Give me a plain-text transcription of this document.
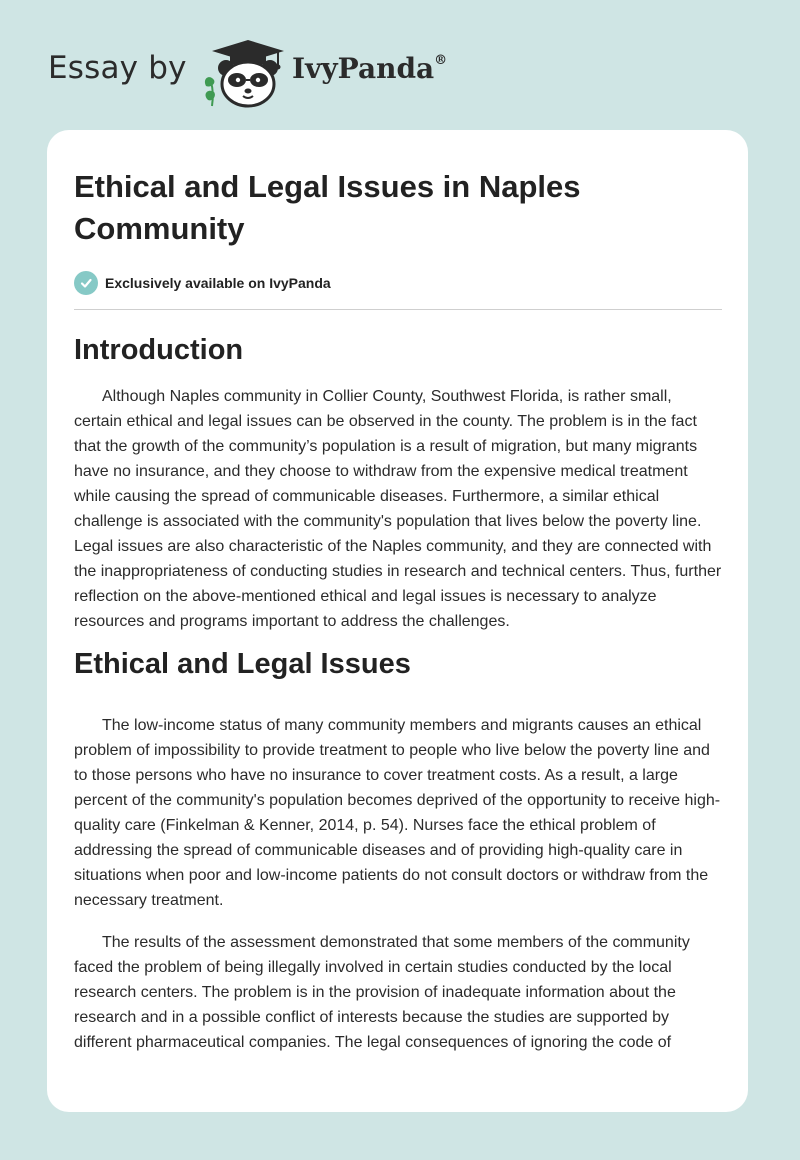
Essay by	IvyPanda®
Ethical and Legal Issues in Naples Community
Exclusively available on IvyPanda
Introduction

Although Naples community in Collier County, Southwest Florida, is rather small, certain ethical and legal issues can be observed in the county. The problem is in the fact that the growth of the community’s population is a result of migration, but many migrants have no insurance, and they choose to withdraw from the expensive medical treatment while causing the spread of communicable diseases. Furthermore, a similar ethical challenge is associated with the community's population that lives below the poverty line. Legal issues are also characteristic of the Naples community, and they are connected with the inappropriateness of conducting studies in research and technical centers. Thus, further reflection on the above-mentioned ethical and legal issues is necessary to analyze resources and programs important to address the challenges.

Ethical and Legal Issues

The low-income status of many community members and migrants causes an ethical problem of impossibility to provide treatment to people who live below the poverty line and to those persons who have no insurance to cover treatment costs. As a result, a large percent of the community's population becomes deprived of the opportunity to receive high-quality care (Finkelman & Kenner, 2014, p. 54). Nurses face the ethical problem of addressing the spread of communicable diseases and of providing high-quality care in situations when poor and low-income patients do not consult doctors or withdraw from the necessary treatment.

The results of the assessment demonstrated that some members of the community faced the problem of being illegally involved in certain studies conducted by the local research centers. The problem is in the provision of inadequate information about the research and in a possible conflict of interests because the studies are supported by different pharmaceutical companies. The legal consequences of ignoring the code of
